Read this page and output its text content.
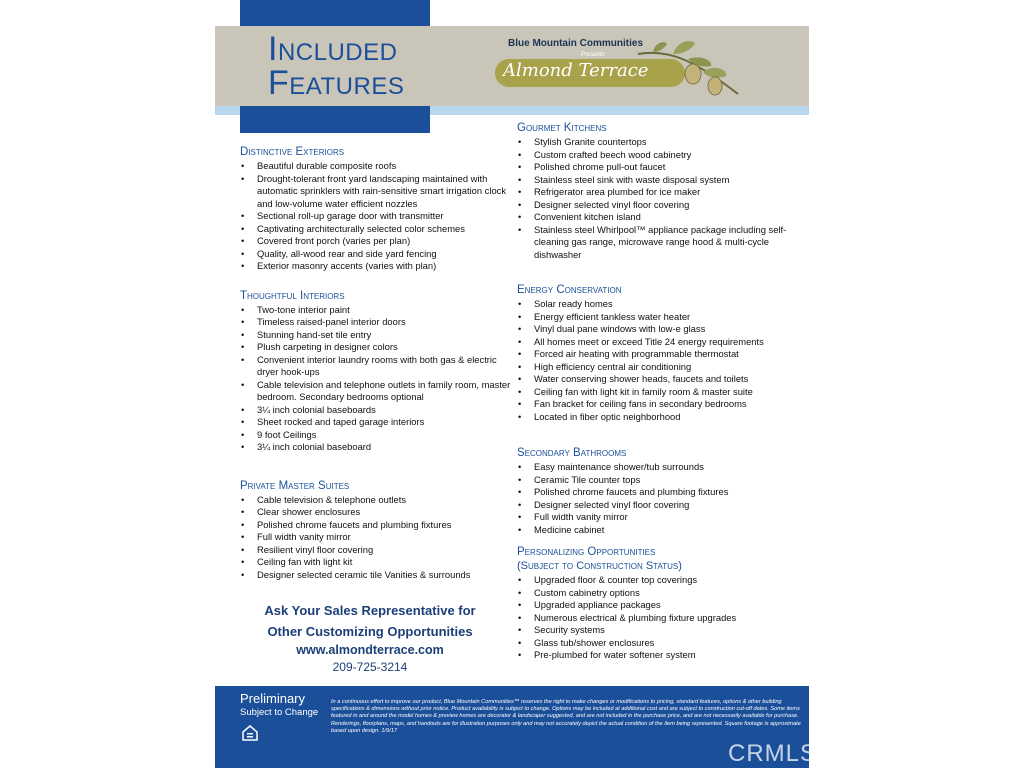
Included
Features
Blue Mountain Communities
Presents
Almond Terrace
Distinctive Exteriors
• Beautiful durable composite roofs
• Drought-tolerant front yard landscaping maintained with automatic sprinklers with rain-sensitive smart irrigation clock and low-volume water efficient nozzles
• Sectional roll-up garage door with transmitter
• Captivating architecturally selected color schemes
• Covered front porch (varies per plan)
• Quality, all-wood rear and side yard fencing
• Exterior masonry accents (varies with plan)
Thoughtful Interiors
• Two-tone interior paint
• Timeless raised-panel interior doors
• Stunning hand-set tile entry
• Plush carpeting in designer colors
• Convenient interior laundry rooms with both gas & electric dryer hook-ups
• Cable television and telephone outlets in family room, master bedroom. Secondary bedrooms optional
• 3¼ inch colonial baseboards
• Sheet rocked and taped garage interiors
• 9 foot Ceilings
• 3¼ inch colonial baseboard
Private Master Suites
• Cable television & telephone outlets
• Clear shower enclosures
• Polished chrome faucets and plumbing fixtures
• Full width vanity mirror
• Resilient vinyl floor covering
• Ceiling fan with light kit
• Designer selected ceramic tile Vanities & surrounds
Ask Your Sales Representative for
Other Customizing Opportunities
www.almondterrace.com
209-725-3214
Gourmet Kitchens
• Stylish Granite countertops
• Custom crafted beech wood cabinetry
• Polished chrome pull-out faucet
• Stainless steel sink with waste disposal system
• Refrigerator area plumbed for ice maker
• Designer selected vinyl floor covering
• Convenient kitchen island
• Stainless steel Whirlpool™ appliance package including self-cleaning gas range, microwave range hood & multi-cycle dishwasher
Energy Conservation
• Solar ready homes
• Energy efficient tankless water heater
• Vinyl dual pane windows with low-e glass
• All homes meet or exceed Title 24 energy requirements
• Forced air heating with programmable thermostat
• High efficiency central air conditioning
• Water conserving shower heads, faucets and toilets
• Ceiling fan with light kit in family room & master suite
• Fan bracket for ceiling fans in secondary bedrooms
• Located in fiber optic neighborhood
Secondary Bathrooms
• Easy maintenance shower/tub surrounds
• Ceramic Tile counter tops
• Polished chrome faucets and plumbing fixtures
• Designer selected vinyl floor covering
• Full width vanity mirror
• Medicine cabinet
Personalizing Opportunities
(Subject to Construction Status)
• Upgraded floor & counter top coverings
• Custom cabinetry options
• Upgraded appliance packages
• Numerous electrical & plumbing fixture upgrades
• Security systems
• Glass tub/shower enclosures
• Pre-plumbed for water softener system
Preliminary
Subject to Change
In a continuous effort to improve our product, Blue Mountain Communities™ reserves the right to make changes or modifications to pricing, standard features, options & other building specifications & dimensions without prior notice. Product availability is subject to change. Options may be included at additional cost and are subject to construction cut-off dates. Some items featured in and around the model homes & preview homes are decorator & landscaper suggested, and are not included in the purchase price, and are not necessarily available for purchase. Renderings, floorplans, maps, and handouts are for illustration purposes only and may not accurately depict the actual condition of the item being represented. Square footage is approximate based upon design. 1/9/17
CRMLS
